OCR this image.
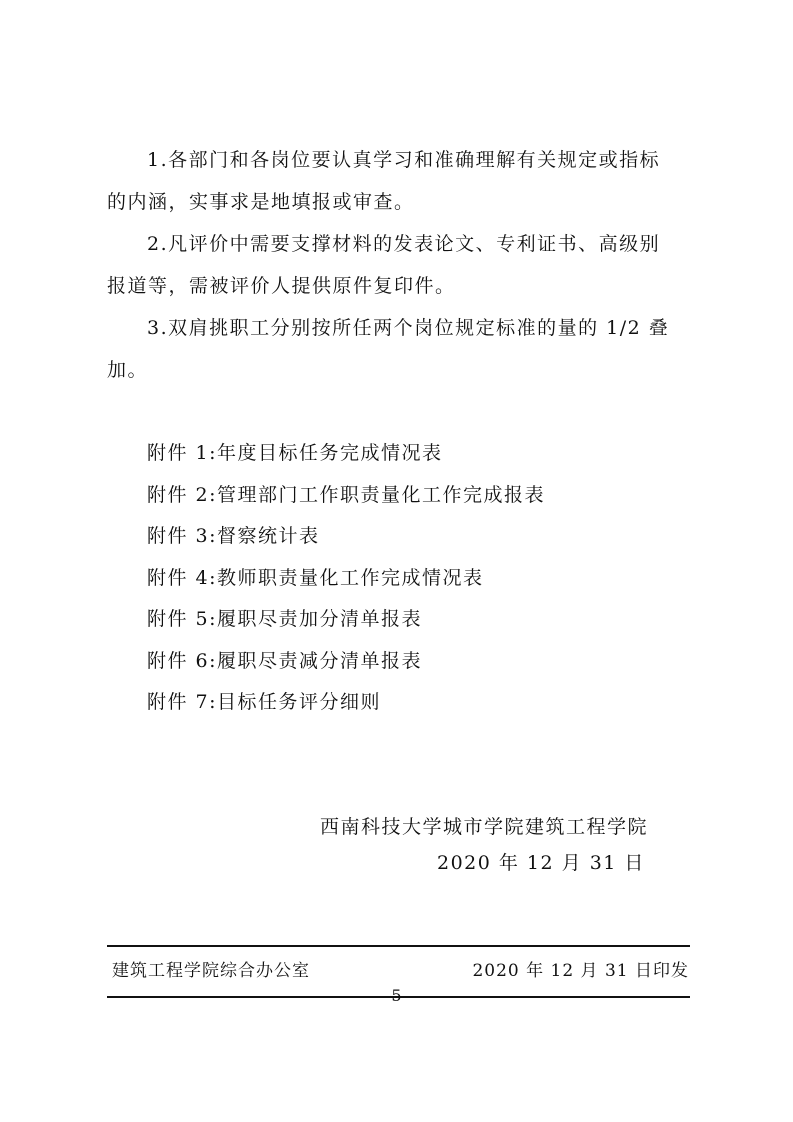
1.各部门和各岗位要认真学习和准确理解有关规定或指标
的内涵，实事求是地填报或审查。
2.凡评价中需要支撑材料的发表论文、专利证书、高级别
报道等，需被评价人提供原件复印件。
3.双肩挑职工分别按所任两个岗位规定标准的量的 1/2 叠
加。
附件 1:年度目标任务完成情况表
附件 2:管理部门工作职责量化工作完成报表
附件 3:督察统计表
附件 4:教师职责量化工作完成情况表
附件 5:履职尽责加分清单报表
附件 6:履职尽责减分清单报表
附件 7:目标任务评分细则
西南科技大学城市学院建筑工程学院
2020 年 12 月 31 日
建筑工程学院综合办公室	2020 年 12 月 31 日印发
5
